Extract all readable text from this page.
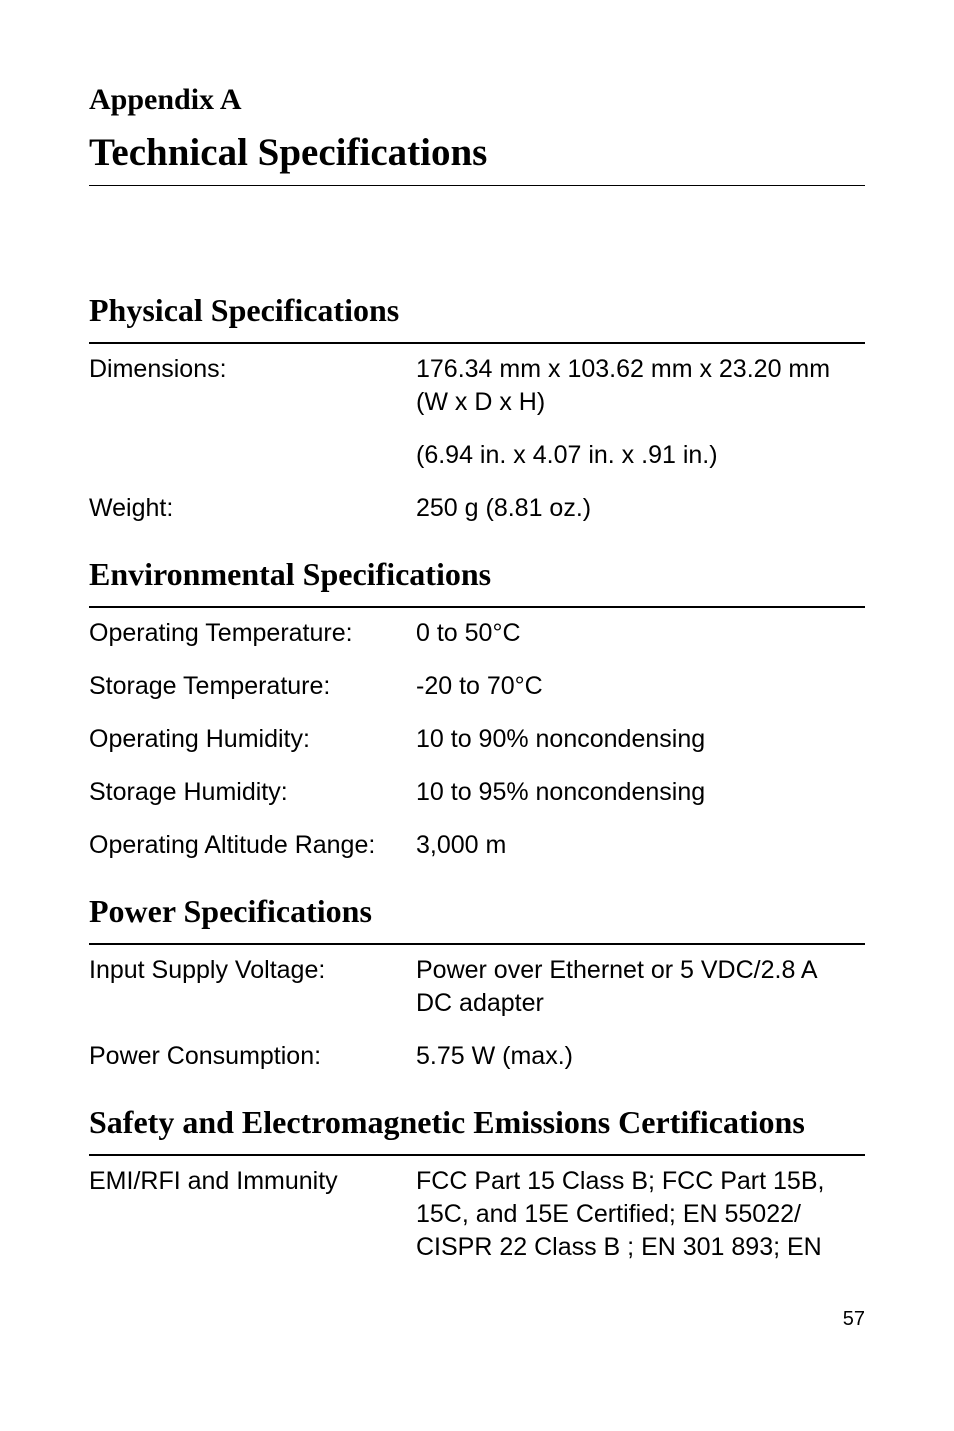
Appendix A
Technical Specifications
Physical Specifications
Dimensions:	176.34 mm x 103.62 mm x 23.20 mm
(W x D x H)
(6.94 in. x 4.07 in. x .91 in.)
Weight:	250 g (8.81 oz.)
Environmental Specifications
Operating Temperature:	0 to 50°C
Storage Temperature:	-20 to 70°C
Operating Humidity:	10 to 90% noncondensing
Storage Humidity:	10 to 95% noncondensing
Operating Altitude Range:	3,000 m
Power Specifications
Input Supply Voltage:	Power over Ethernet or 5 VDC/2.8 A
DC adapter
Power Consumption:	5.75 W (max.)
Safety and Electromagnetic Emissions Certifications
EMI/RFI and Immunity	FCC Part 15 Class B; FCC Part 15B,
15C, and 15E Certified; EN 55022/
CISPR 22 Class B ; EN 301 893; EN
57
